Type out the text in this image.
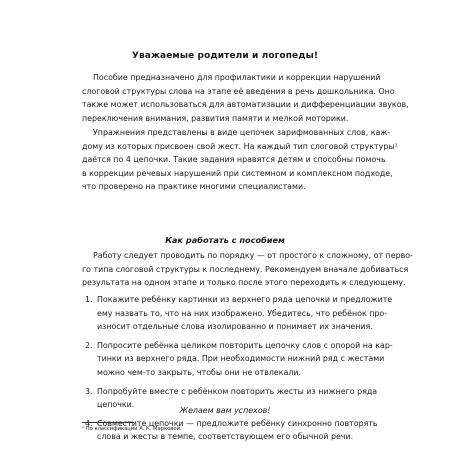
Уважаемые родители и логопеды!

Пособие предназначено для профилактики и коррекции нарушений
слоговой структуры слова на этапе её введения в речь дошкольника. Оно
также может использоваться для автоматизации и дифференциации звуков,
переключения внимания, развития памяти и мелкой моторики.

Упражнения представлены в виде цепочек зарифмованных слов, каж-
дому из которых присвоен свой жест. На каждый тип слоговой структуры¹
даётся по 4 цепочки. Такие задания нравятся детям и способны помочь
в коррекции речевых нарушений при системном и комплексном подходе,
что проверено на практике многими специалистами.

Как работать с пособием

Работу следует проводить по порядку — от простого к сложному, от перво-
го типа слоговой структуры к последнему. Рекомендуем вначале добиваться
результата на одном этапе и только после этого переходить к следующему.

1. Покажите ребёнку картинки из верхнего ряда цепочки и предложите
ему назвать то, что на них изображено. Убедитесь, что ребёнок про-
износит отдельные слова изолированно и понимает их значения.
2. Попросите ребёнка целиком повторить цепочку слов с опорой на кар-
тинки из верхнего ряда. При необходимости нижний ряд с жестами
можно чем-то закрыть, чтобы они не отвлекали.
3. Попробуйте вместе с ребёнком повторить жесты из нижнего ряда
цепочки.
4. Совместите цепочки — предложите ребёнку синхронно повторять
слова и жесты в темпе, соответствующем его обычной речи.
Желаем вам успехов!
¹ По классификации А. К. Марковой.
